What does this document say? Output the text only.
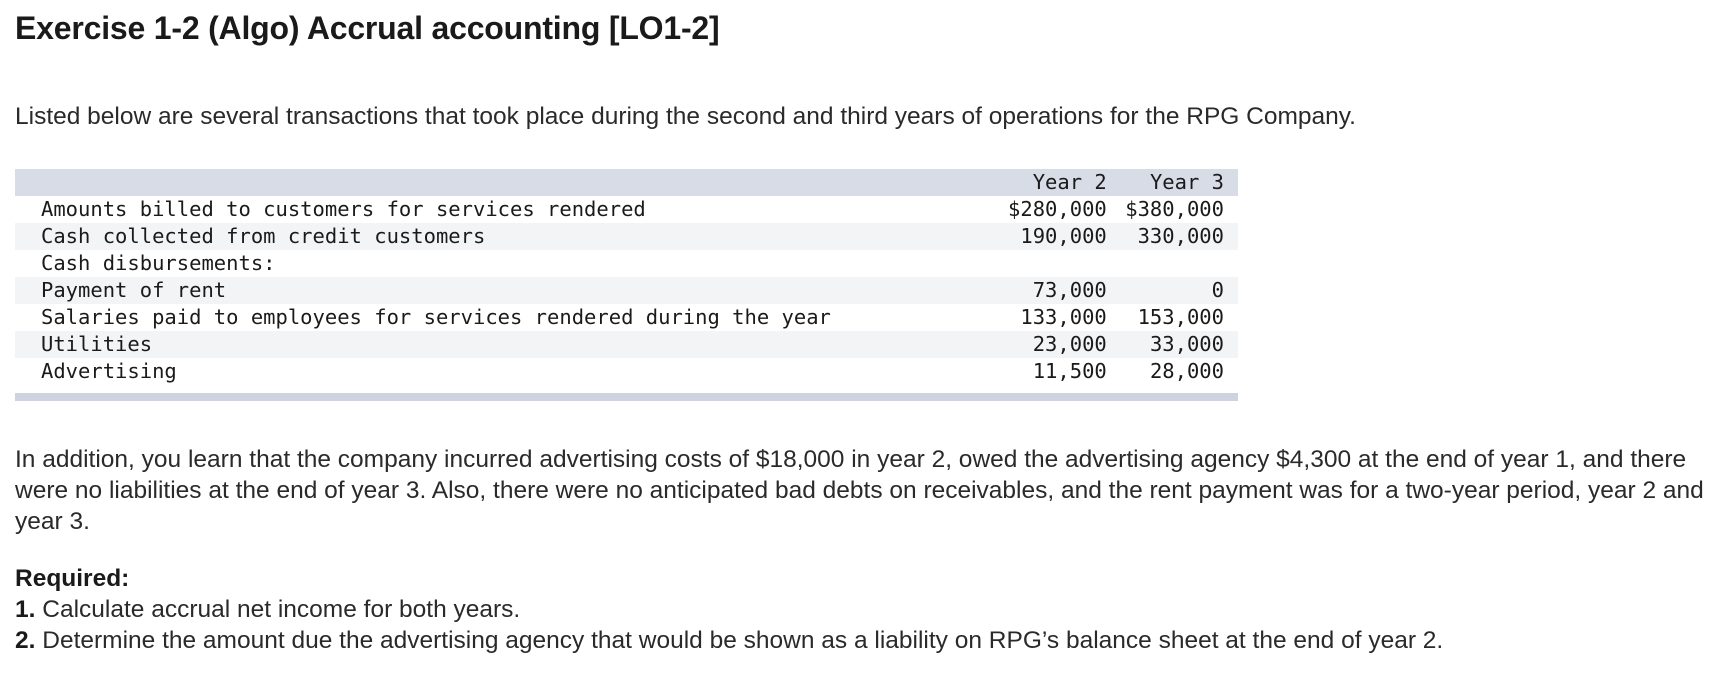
Exercise 1-2 (Algo) Accrual accounting [LO1-2]

Listed below are several transactions that took place during the second and third years of operations for the RPG Company.

	Year 2	Year 3
Amounts billed to customers for services rendered	$280,000	$380,000
Cash collected from credit customers	190,000	330,000
Cash disbursements:		
Payment of rent	73,000	0
Salaries paid to employees for services rendered during the year	133,000	153,000
Utilities	23,000	33,000
Advertising	11,500	28,000

In addition, you learn that the company incurred advertising costs of $18,000 in year 2, owed the advertising agency $4,300 at the end of year 1, and there were no liabilities at the end of year 3. Also, there were no anticipated bad debts on receivables, and the rent payment was for a two-year period, year 2 and year 3.

Required:

1. Calculate accrual net income for both years.

2. Determine the amount due the advertising agency that would be shown as a liability on RPG’s balance sheet at the end of year 2.
